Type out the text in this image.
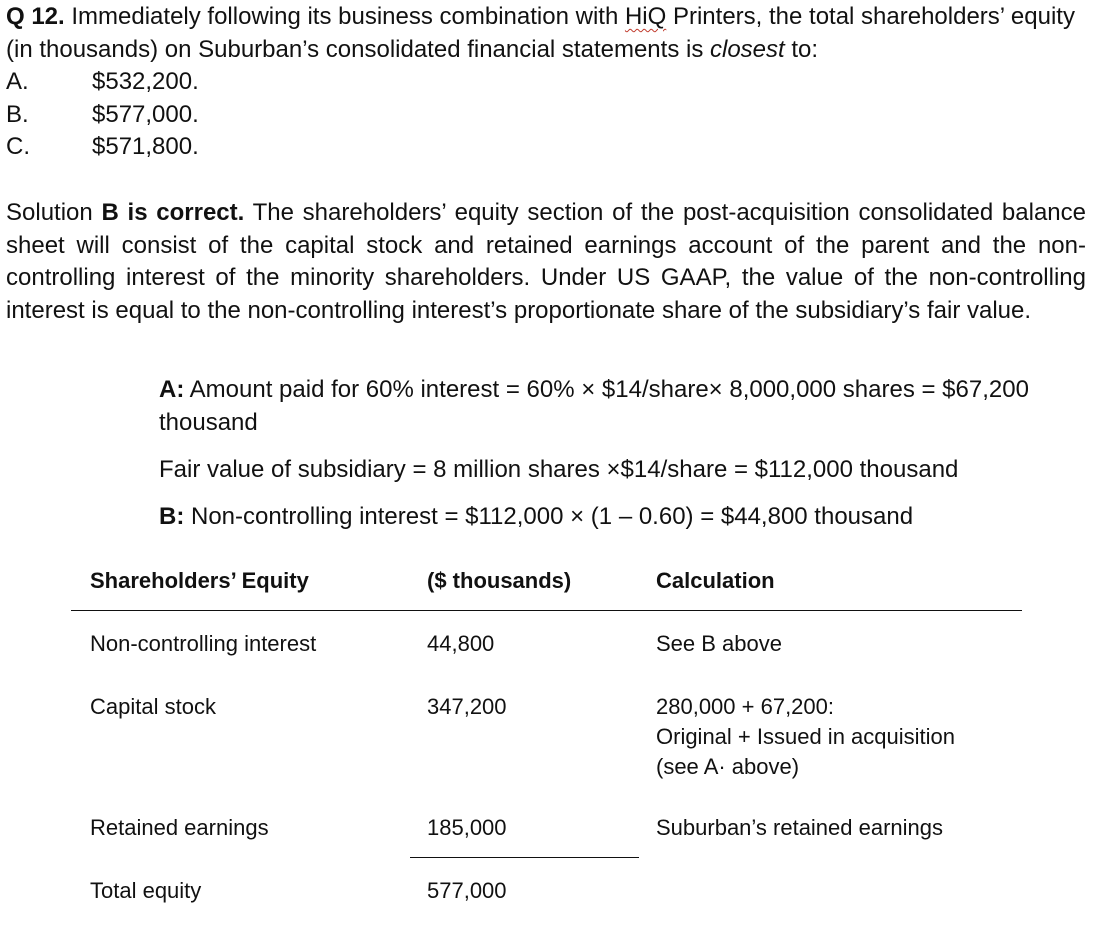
Q 12. Immediately following its business combination with HiQ Printers, the total shareholders’ equity (in thousands) on Suburban’s consolidated financial statements is closest to:
A.	$532,200.
B.	$577,000.
C.	$571,800.
Solution B is correct. The shareholders’ equity section of the post-acquisition consolidated balance sheet will consist of the capital stock and retained earnings account of the parent and the non-controlling interest of the minority shareholders. Under US GAAP, the value of the non-controlling interest is equal to the non-controlling interest’s proportionate share of the subsidiary’s fair value.
A: Amount paid for 60% interest = 60% × $14/share× 8,000,000 shares = $67,200 thousand
Fair value of subsidiary = 8 million shares ×$14/share = $112,000 thousand
B: Non-controlling interest = $112,000 × (1 – 0.60) = $44,800 thousand
Shareholders’ Equity	($ thousands)	Calculation
Non-controlling interest	44,800	See B above
Capital stock	347,200	280,000 + 67,200:
Original + Issued in acquisition
(see A· above)
Retained earnings	185,000	Suburban’s retained earnings
Total equity	577,000
